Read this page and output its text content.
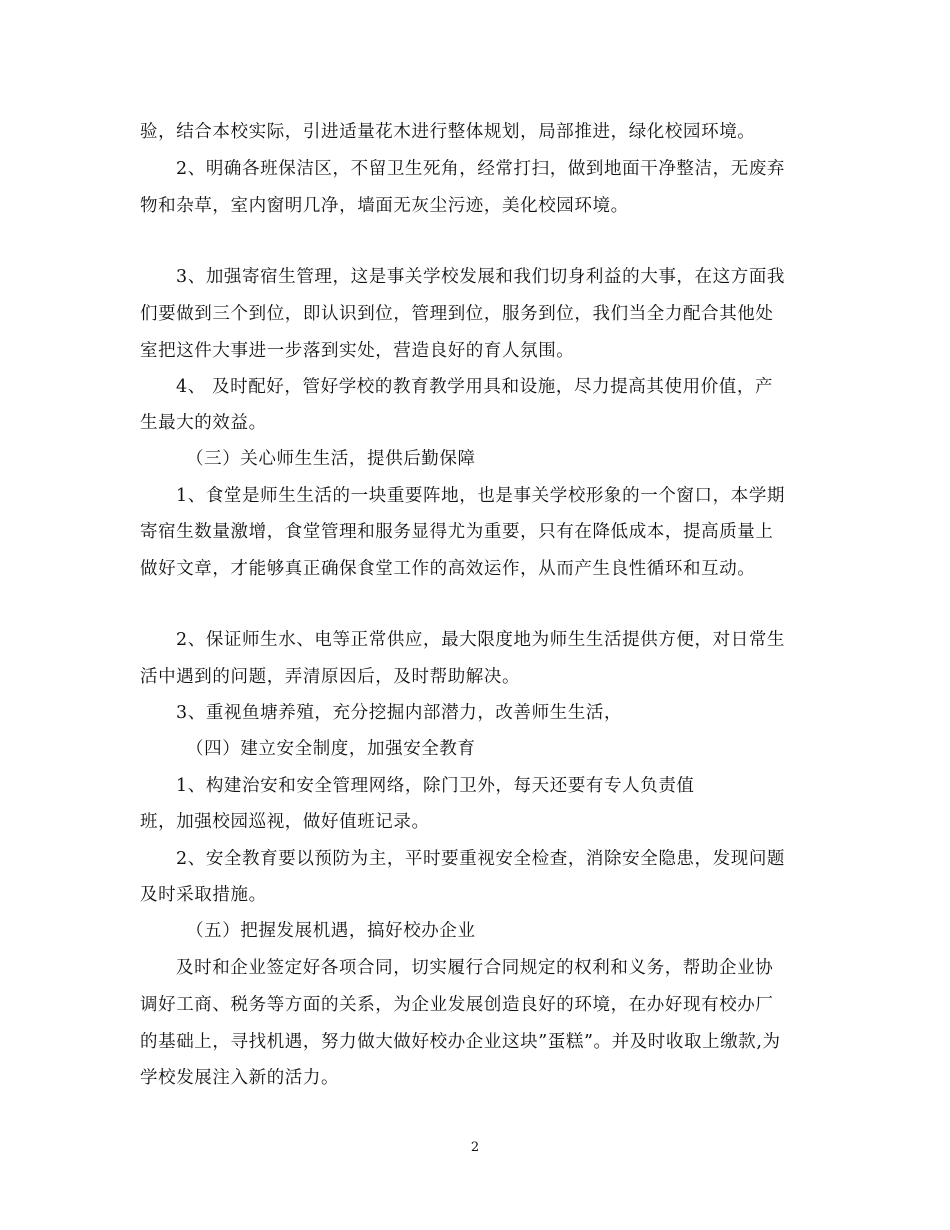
验，结合本校实际，引进适量花木进行整体规划，局部推进，绿化校园环境。
2、明确各班保洁区，不留卫生死角，经常打扫，做到地面干净整洁，无废弃
物和杂草，室内窗明几净，墙面无灰尘污迹，美化校园环境。
3、加强寄宿生管理，这是事关学校发展和我们切身利益的大事，在这方面我
们要做到三个到位，即认识到位，管理到位，服务到位，我们当全力配合其他处
室把这件大事进一步落到实处，营造良好的育人氛围。
4、 及时配好，管好学校的教育教学用具和设施，尽力提高其使用价值，产
生最大的效益。
（三）关心师生生活，提供后勤保障
1、食堂是师生生活的一块重要阵地，也是事关学校形象的一个窗口，本学期
寄宿生数量激增，食堂管理和服务显得尤为重要，只有在降低成本，提高质量上
做好文章，才能够真正确保食堂工作的高效运作，从而产生良性循环和互动。
2、保证师生水、电等正常供应，最大限度地为师生生活提供方便，对日常生
活中遇到的问题，弄清原因后，及时帮助解决。
3、重视鱼塘养殖，充分挖掘内部潜力，改善师生生活，
（四）建立安全制度，加强安全教育
1、构建治安和安全管理网络，除门卫外，每天还要有专人负责值
班，加强校园巡视，做好值班记录。
2、安全教育要以预防为主，平时要重视安全检查，消除安全隐患，发现问题
及时采取措施。
（五）把握发展机遇，搞好校办企业
及时和企业签定好各项合同，切实履行合同规定的权利和义务，帮助企业协
调好工商、税务等方面的关系，为企业发展创造良好的环境，在办好现有校办厂
的基础上，寻找机遇，努力做大做好校办企业这块”蛋糕”。并及时收取上缴款,为
学校发展注入新的活力。
2
